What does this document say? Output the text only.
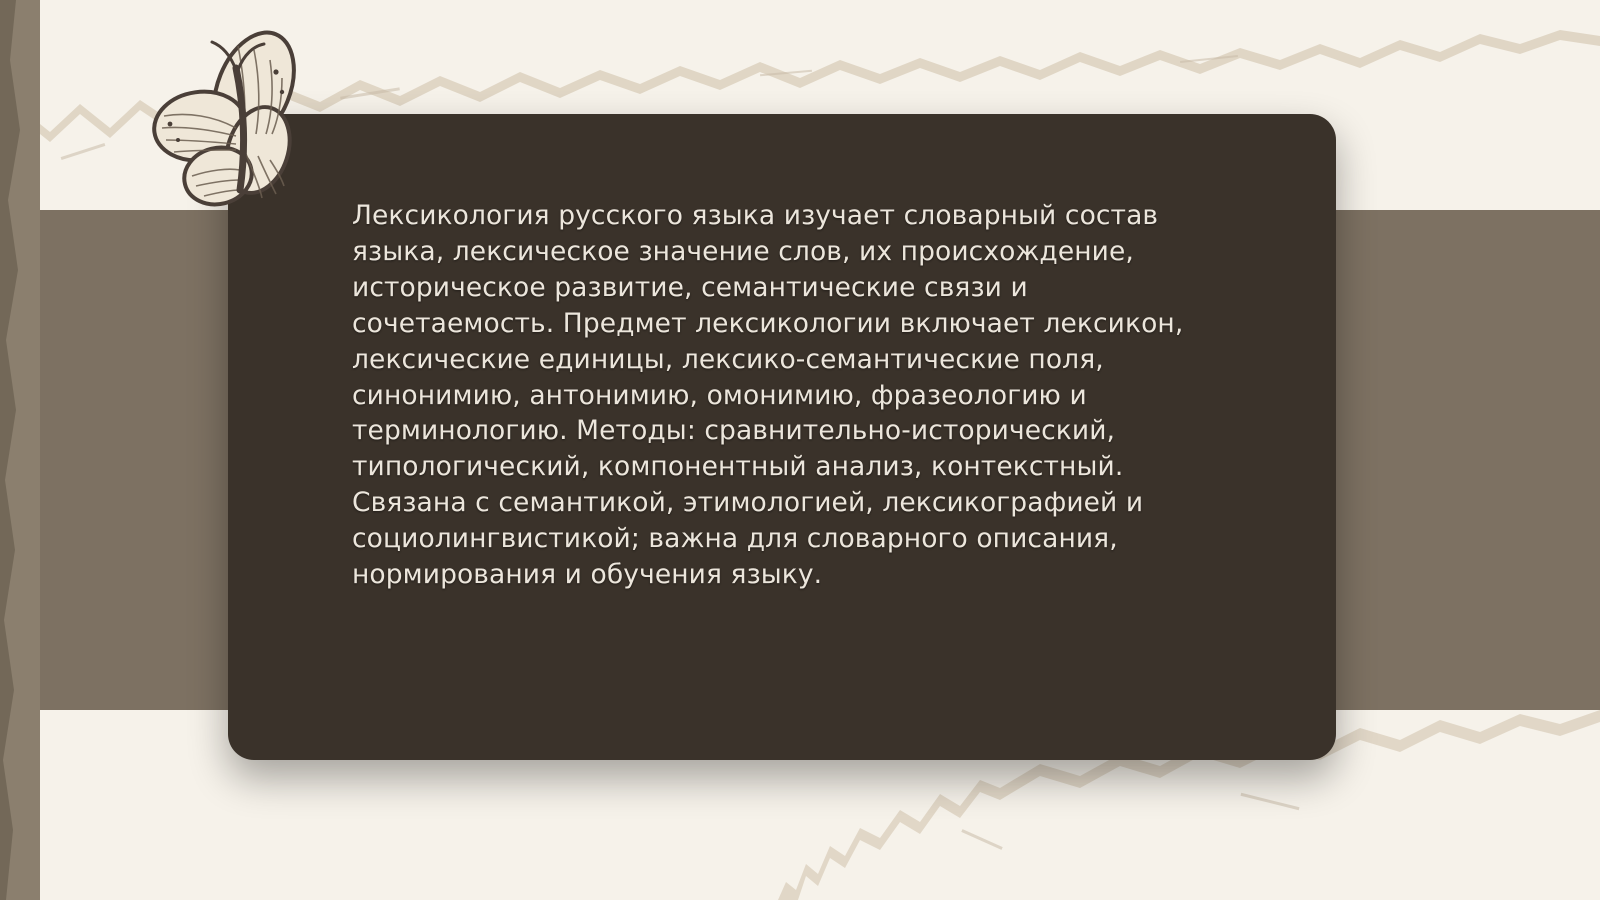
Лексикология русского языка изучает словарный состав языка, лексическое значение слов, их происхождение, историческое развитие, семантические связи и сочетаемость. Предмет лексикологии включает лексикон, лексические единицы, лексико-семантические поля, синонимию, антонимию, омонимию, фразеологию и терминологию. Методы: сравнительно-исторический, типологический, компонентный анализ, контекстный. Связана с семантикой, этимологией, лексикографией и социолингвистикой; важна для словарного описания, нормирования и обучения языку.
